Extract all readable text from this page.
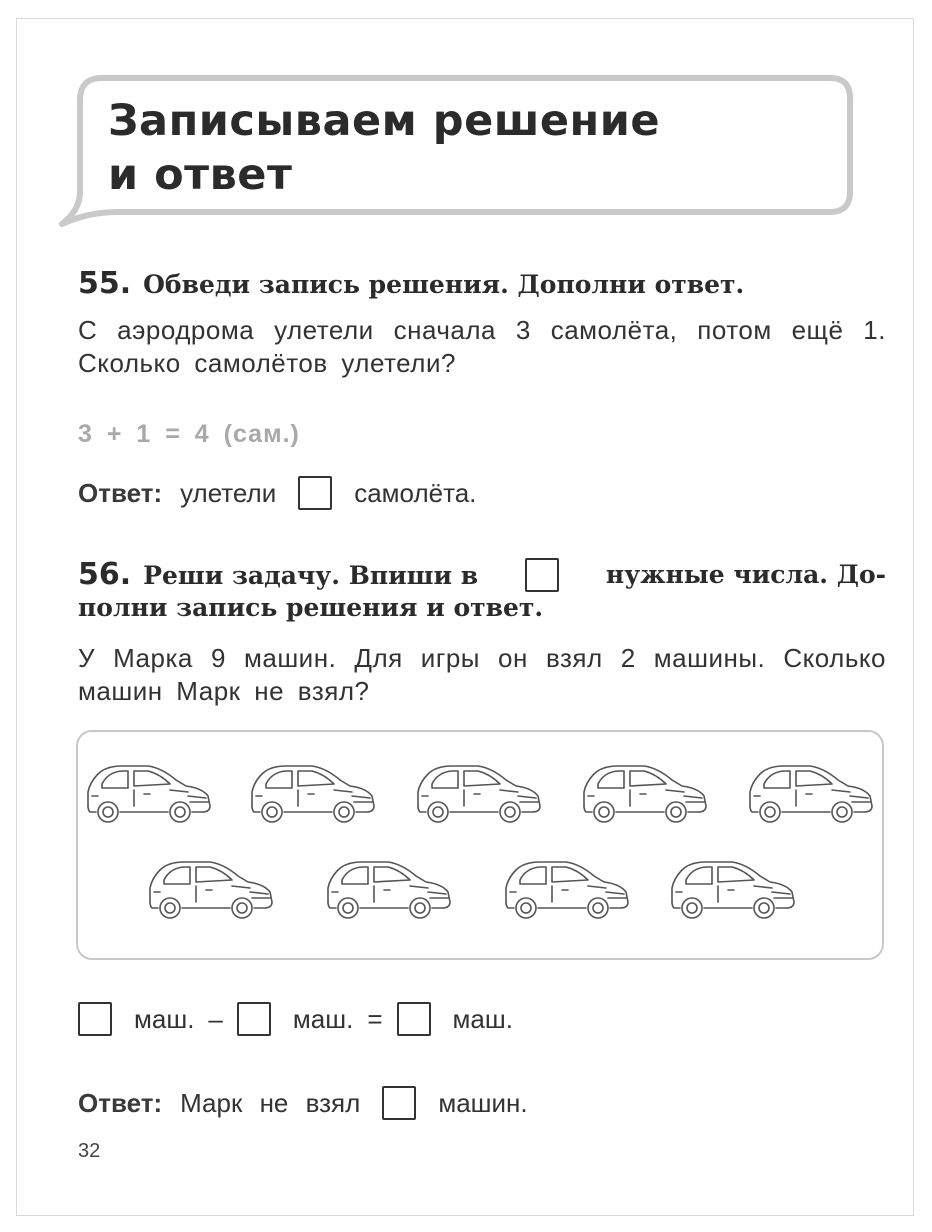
Записываем решение
и ответ

55. Обведи запись решения. Дополни ответ.

С аэродрома улетели сначала 3 самолёта, потом ещё 1. Сколько самолётов улетели?

3 + 1 = 4 (сам.)
Ответ: улетели	самолёта.
56. Реши задачу. Впиши в	нужные числа. До-
полни запись решения и ответ.

У Марка 9 машин. Для игры он взял 2 машины. Сколько машин Марк не взял?

маш. –	маш. =	маш.
Ответ: Марк не взял	машин.
32
